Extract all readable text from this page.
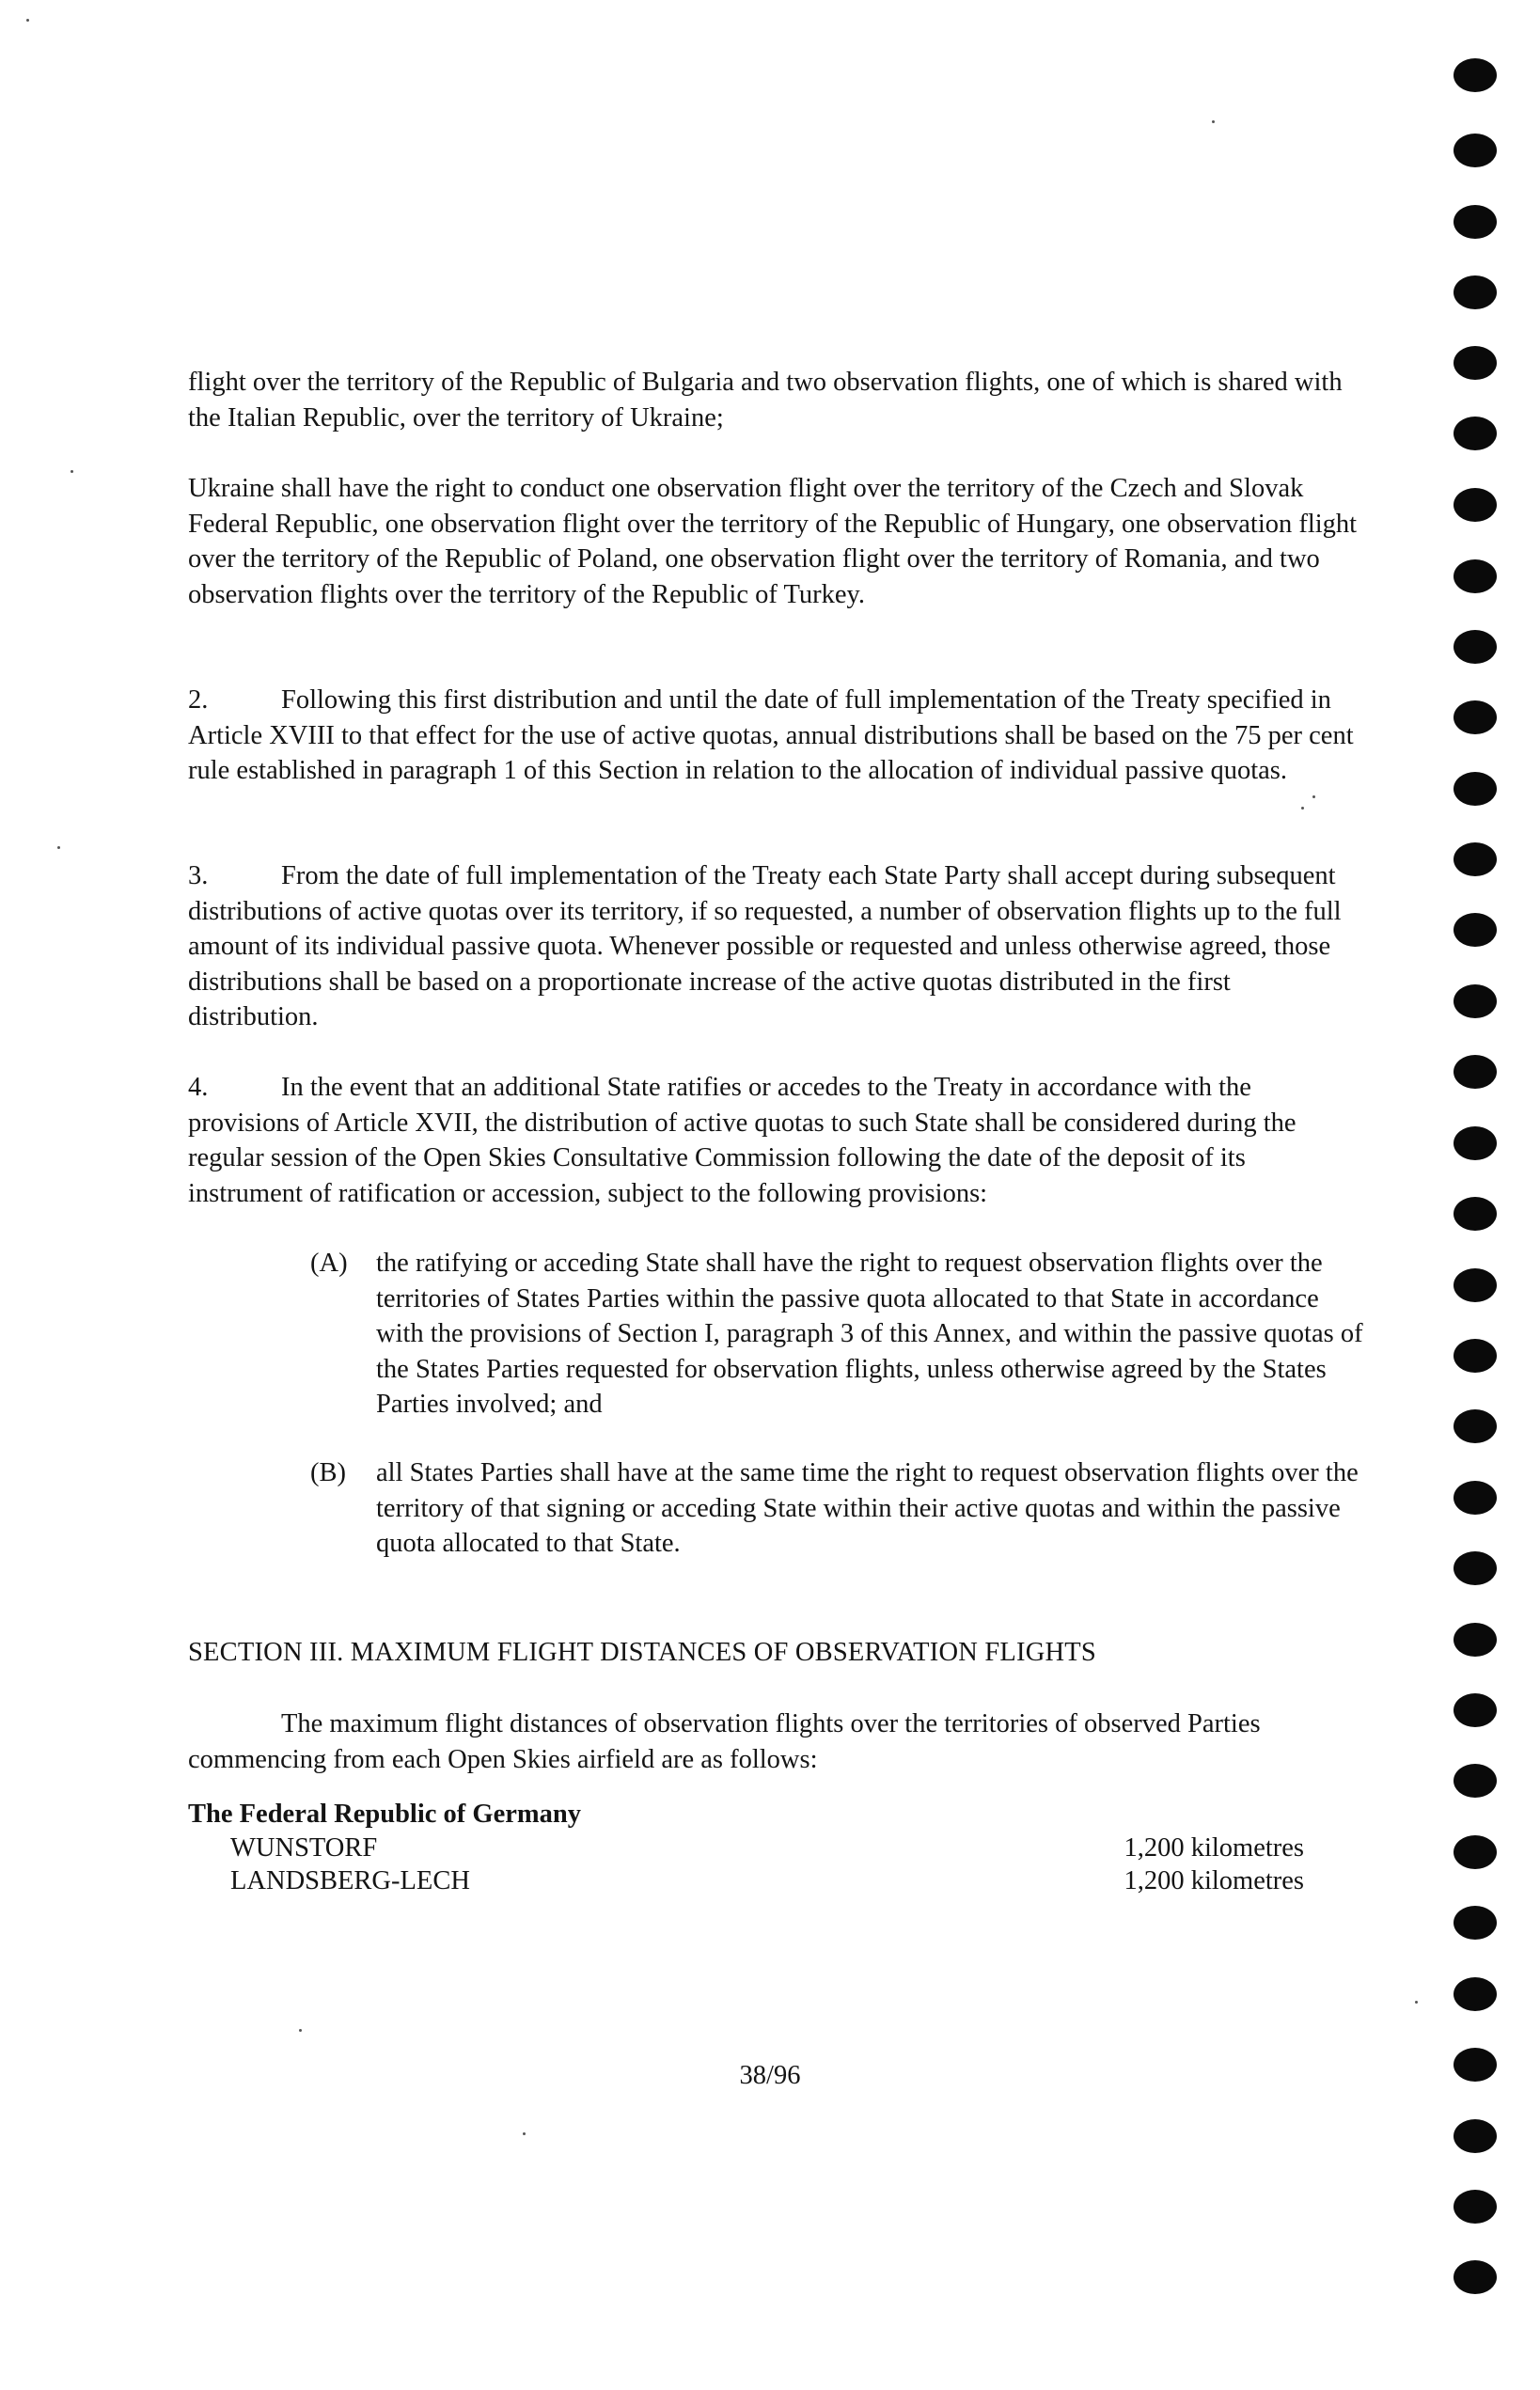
flight over the territory of the Republic of Bulgaria and two observation flights, one of which is shared with the Italian Republic, over the territory of Ukraine;

Ukraine shall have the right to conduct one observation flight over the territory of the Czech and Slovak Federal Republic, one observation flight over the territory of the Republic of Hungary, one observation flight over the territory of the Republic of Poland, one observation flight over the territory of Romania, and two observation flights over the territory of the Republic of Turkey.

2.	Following this first distribution and until the date of full implementation of the Treaty specified in Article XVIII to that effect for the use of active quotas, annual distributions shall be based on the 75 per cent rule established in paragraph 1 of this Section in relation to the allocation of individual passive quotas.

3.	From the date of full implementation of the Treaty each State Party shall accept during subsequent distributions of active quotas over its territory, if so requested, a number of observation flights up to the full amount of its individual passive quota. Whenever possible or requested and unless otherwise agreed, those distributions shall be based on a proportionate increase of the active quotas distributed in the first distribution.

4.	In the event that an additional State ratifies or accedes to the Treaty in accordance with the provisions of Article XVII, the distribution of active quotas to such State shall be considered during the regular session of the Open Skies Consultative Commission following the date of the deposit of its instrument of ratification or accession, subject to the following provisions:

(A)	the ratifying or acceding State shall have the right to request observation flights over the territories of States Parties within the passive quota allocated to that State in accordance with the provisions of Section I, paragraph 3 of this Annex, and within the passive quotas of the States Parties requested for observation flights, unless otherwise agreed by the States Parties involved; and
(B)	all States Parties shall have at the same time the right to request observation flights over the territory of that signing or acceding State within their active quotas and within the passive quota allocated to that State.
SECTION III. MAXIMUM FLIGHT DISTANCES OF OBSERVATION FLIGHTS

The maximum flight distances of observation flights over the territories of observed Parties commencing from each Open Skies airfield are as follows:

The Federal Republic of Germany
WUNSTORF	1,200 kilometres
LANDSBERG-LECH	1,200 kilometres
38/96
